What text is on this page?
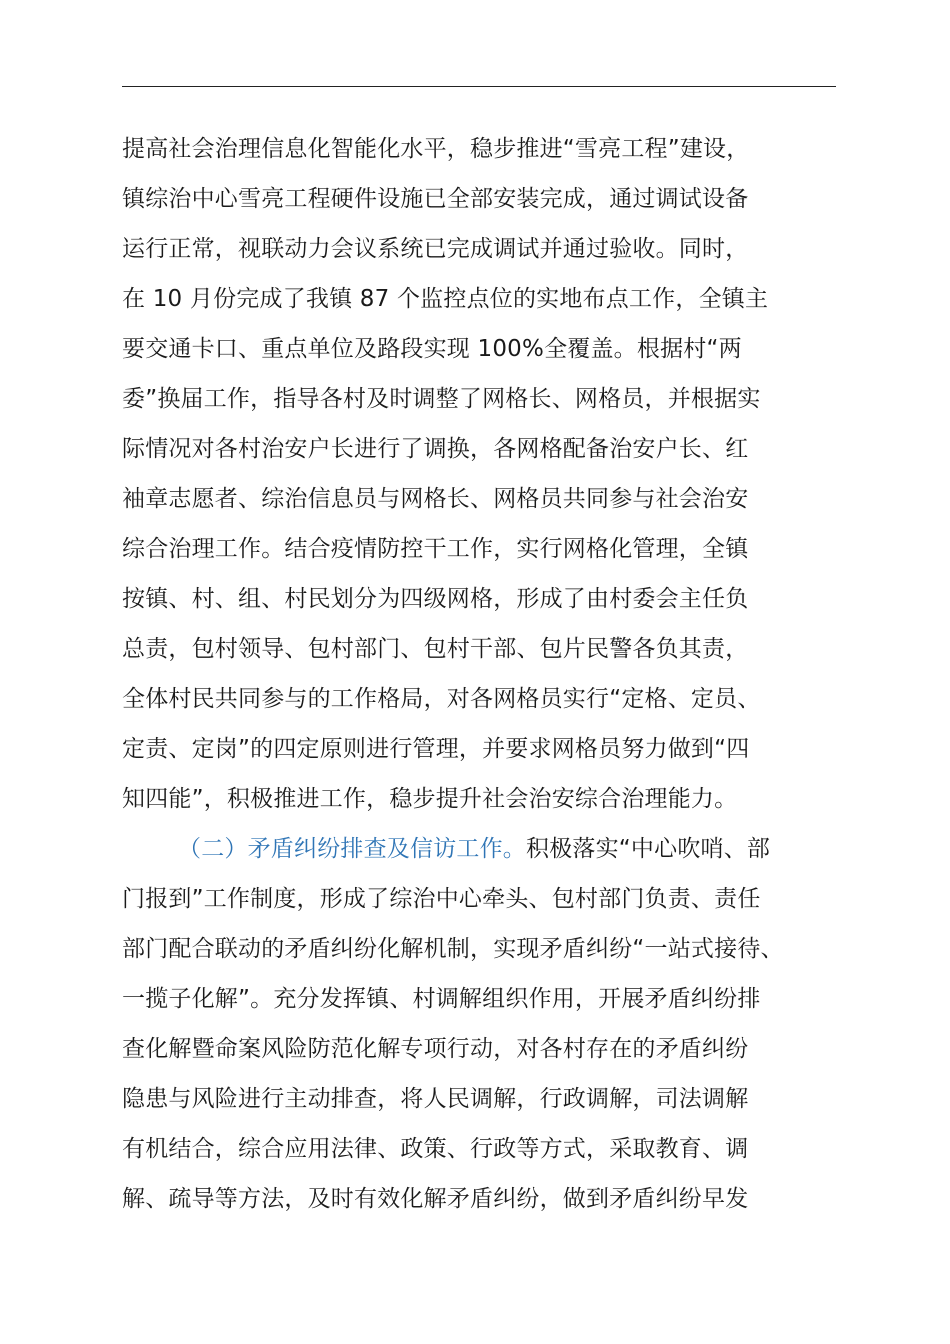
提高社会治理信息化智能化水平，稳步推进“雪亮工程”建设，
镇综治中心雪亮工程硬件设施已全部安装完成，通过调试设备
运行正常，视联动力会议系统已完成调试并通过验收。同时，
在 10 月份完成了我镇 87 个监控点位的实地布点工作，全镇主
要交通卡口、重点单位及路段实现 100%全覆盖。根据村“两
委”换届工作，指导各村及时调整了网格长、网格员，并根据实
际情况对各村治安户长进行了调换，各网格配备治安户长、红
袖章志愿者、综治信息员与网格长、网格员共同参与社会治安
综合治理工作。结合疫情防控干工作，实行网格化管理，全镇
按镇、村、组、村民划分为四级网格，形成了由村委会主任负
总责，包村领导、包村部门、包村干部、包片民警各负其责，
全体村民共同参与的工作格局，对各网格员实行“定格、定员、
定责、定岗”的四定原则进行管理，并要求网格员努力做到“四
知四能”，积极推进工作，稳步提升社会治安综合治理能力。
（二）矛盾纠纷排查及信访工作。积极落实“中心吹哨、部
门报到”工作制度，形成了综治中心牵头、包村部门负责、责任
部门配合联动的矛盾纠纷化解机制，实现矛盾纠纷“一站式接待、
一揽子化解”。充分发挥镇、村调解组织作用，开展矛盾纠纷排
查化解暨命案风险防范化解专项行动，对各村存在的矛盾纠纷
隐患与风险进行主动排查，将人民调解，行政调解，司法调解
有机结合，综合应用法律、政策、行政等方式，采取教育、调
解、疏导等方法，及时有效化解矛盾纠纷，做到矛盾纠纷早发
